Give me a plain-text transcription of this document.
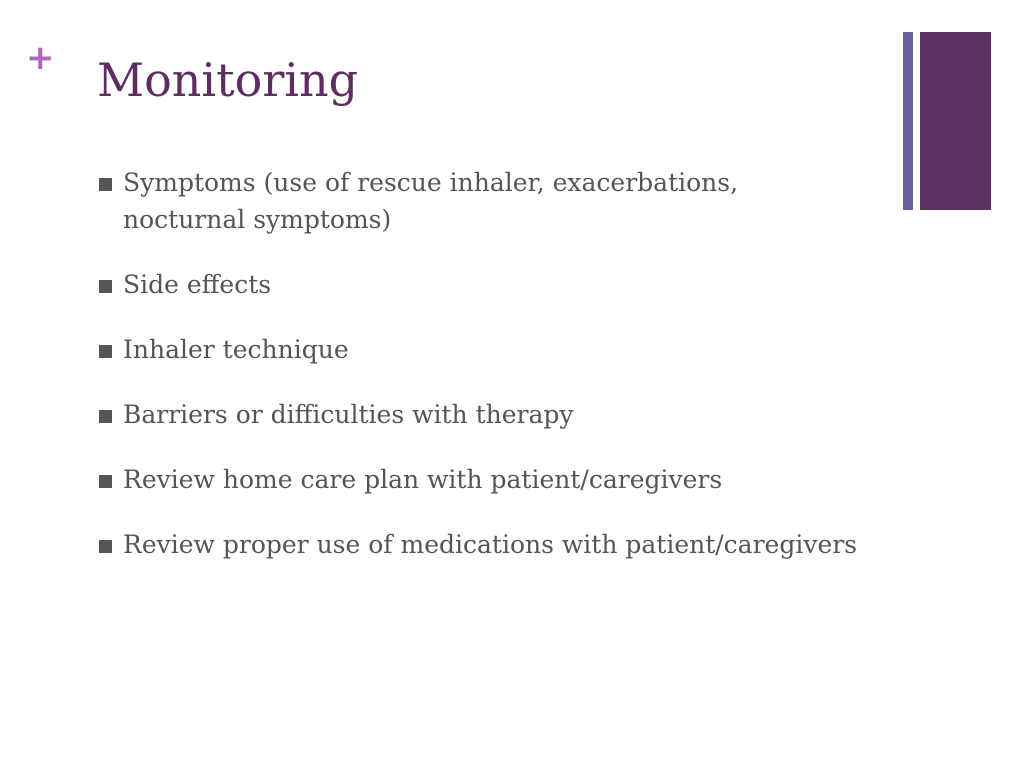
+ Monitoring
Symptoms (use of rescue inhaler, exacerbations, nocturnal symptoms)
Side effects
Inhaler technique
Barriers or difficulties with therapy
Review home care plan with patient/caregivers
Review proper use of medications with patient/caregivers
